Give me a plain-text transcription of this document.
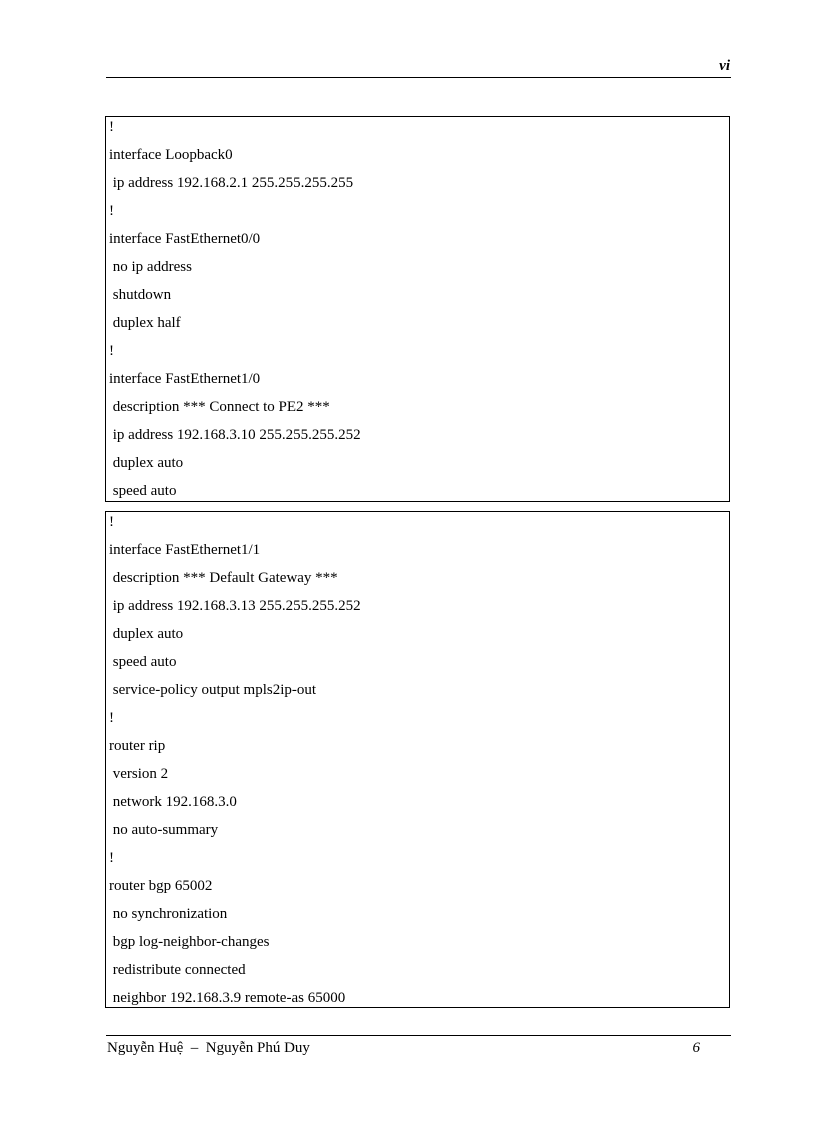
vi
!
interface Loopback0
ip address 192.168.2.1 255.255.255.255
!
interface FastEthernet0/0
no ip address
shutdown
duplex half
!
interface FastEthernet1/0
description *** Connect to PE2 ***
ip address 192.168.3.10 255.255.255.252
duplex auto
speed auto
!
interface FastEthernet1/1
description *** Default Gateway ***
ip address 192.168.3.13 255.255.255.252
duplex auto
speed auto
service-policy output mpls2ip-out
!
router rip
version 2
network 192.168.3.0
no auto-summary
!
router bgp 65002
no synchronization
bgp log-neighbor-changes
redistribute connected
neighbor 192.168.3.9 remote-as 65000
Nguyễn Huệ  –  Nguyễn Phú Duy	6
